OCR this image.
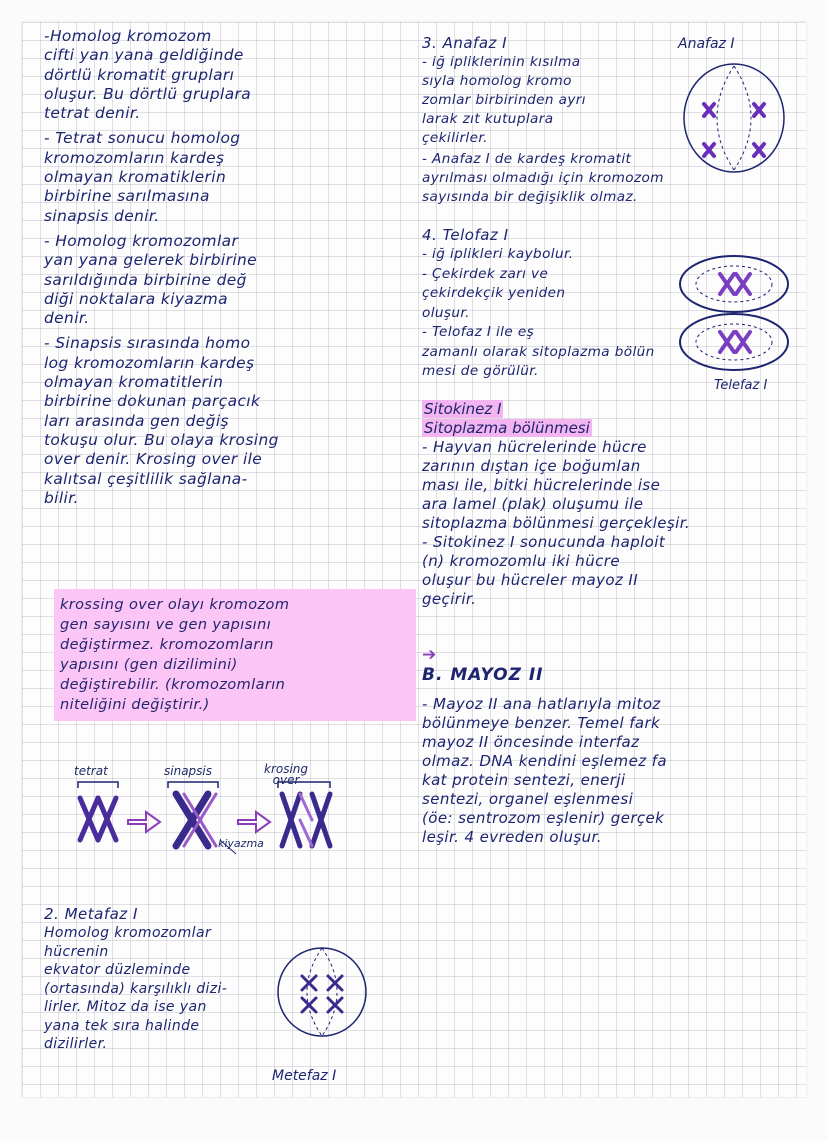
-Homolog kromozom
cifti yan yana geldiğinde
dörtlü kromatit grupları
oluşur. Bu dörtlü gruplara
tetrat denir.
- Tetrat sonucu homolog
kromozomların kardeş
olmayan kromatiklerin
birbirine sarılmasına
sinapsis denir.
- Homolog kromozomlar
yan yana gelerek birbirine
sarıldığında birbirine değ
diği noktalara kiyazma
denir.
- Sinapsis sırasında homo
log kromozomların kardeş
olmayan kromatitlerin
birbirine dokunan parçacık
ları arasında gen değiş
tokuşu olur. Bu olaya krosing
over denir. Krosing over ile
kalıtsal çeşitlilik sağlana-
bilir.
krossing over olayı kromozom
gen sayısını ve gen yapısını
değiştirmez. kromozomların
yapısını (gen dizilimini)
değiştirebilir. (kromozomların
niteliğini değiştirir.)
tetrat	sinapsis	krosing
over
kiyazma
2. Metafaz I
Homolog kromozomlar hücrenin
ekvator düzleminde
(ortasında) karşılıklı dizi-
lirler. Mitoz da ise yan
yana tek sıra halinde
dizilirler.
Metefaz I
3. Anafaz I
- iğ ipliklerinin kısılma
sıyla homolog kromo
zomlar birbirinden ayrı
larak zıt kutuplara
çekilirler.
- Anafaz I de kardeş kromatit
ayrılması olmadığı için kromozom
sayısında bir değişiklik olmaz.
4. Telofaz I
- iğ iplikleri kaybolur.
- Çekirdek zarı ve
çekirdekçik yeniden
oluşur.
- Telofaz I ile eş
zamanlı olarak sitoplazma bölün
mesi de görülür.
Sitokinez I
Sitoplazma bölünmesi
- Hayvan hücrelerinde hücre
zarının dıştan içe boğumlan
ması ile, bitki hücrelerinde ise
ara lamel (plak) oluşumu ile
sitoplazma bölünmesi gerçekleşir.
- Sitokinez I sonucunda haploit
(n) kromozomlu iki hücre
oluşur bu hücreler mayoz II
geçirir.

➔
B. MAYOZ II

- Mayoz II ana hatlarıyla mitoz
bölünmeye benzer. Temel fark
mayoz II öncesinde interfaz
olmaz. DNA kendini eşlemez fa
kat protein sentezi, enerji
sentezi, organel eşlenmesi
(öe: sentrozom eşlenir) gerçek
leşir. 4 evreden oluşur.
Anafaz I
Telefaz I
